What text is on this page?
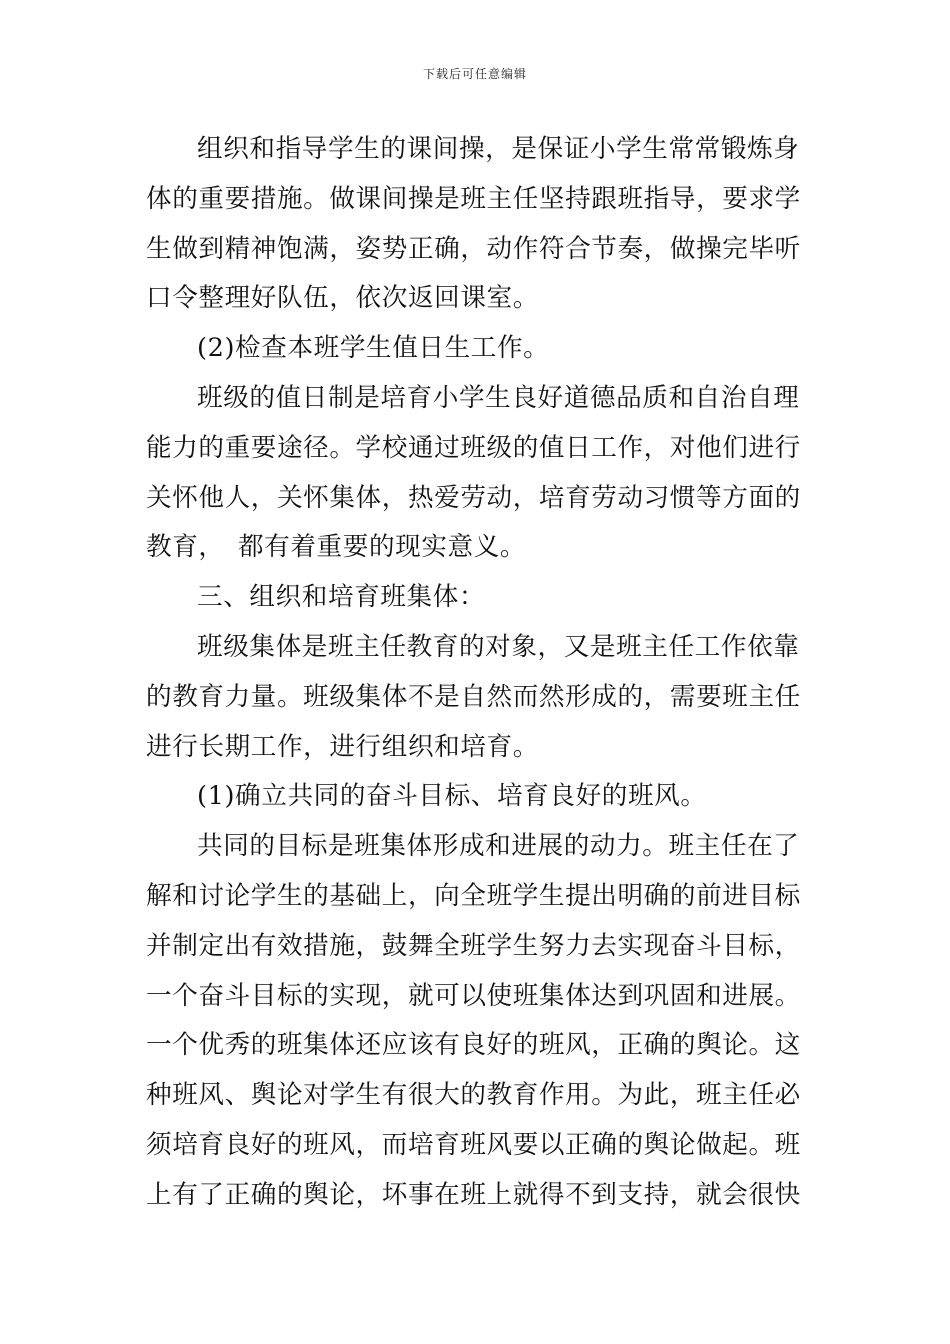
下载后可任意编辑
组织和指导学生的课间操，是保证小学生常常锻炼身
体的重要措施。做课间操是班主任坚持跟班指导，要求学
生做到精神饱满，姿势正确，动作符合节奏，做操完毕听
口令整理好队伍，依次返回课室。
(2)检查本班学生值日生工作。
班级的值日制是培育小学生良好道德品质和自治自理
能力的重要途径。学校通过班级的值日工作，对他们进行
关怀他人，关怀集体，热爱劳动，培育劳动习惯等方面的
教育，　都有着重要的现实意义。
三、组织和培育班集体：
班级集体是班主任教育的对象，又是班主任工作依靠
的教育力量。班级集体不是自然而然形成的，需要班主任
进行长期工作，进行组织和培育。
(1)确立共同的奋斗目标、培育良好的班风。
共同的目标是班集体形成和进展的动力。班主任在了
解和讨论学生的基础上，向全班学生提出明确的前进目标
并制定出有效措施，鼓舞全班学生努力去实现奋斗目标，
一个奋斗目标的实现，就可以使班集体达到巩固和进展。
一个优秀的班集体还应该有良好的班风，正确的舆论。这
种班风、舆论对学生有很大的教育作用。为此，班主任必
须培育良好的班风，而培育班风要以正确的舆论做起。班
上有了正确的舆论，坏事在班上就得不到支持，就会很快
